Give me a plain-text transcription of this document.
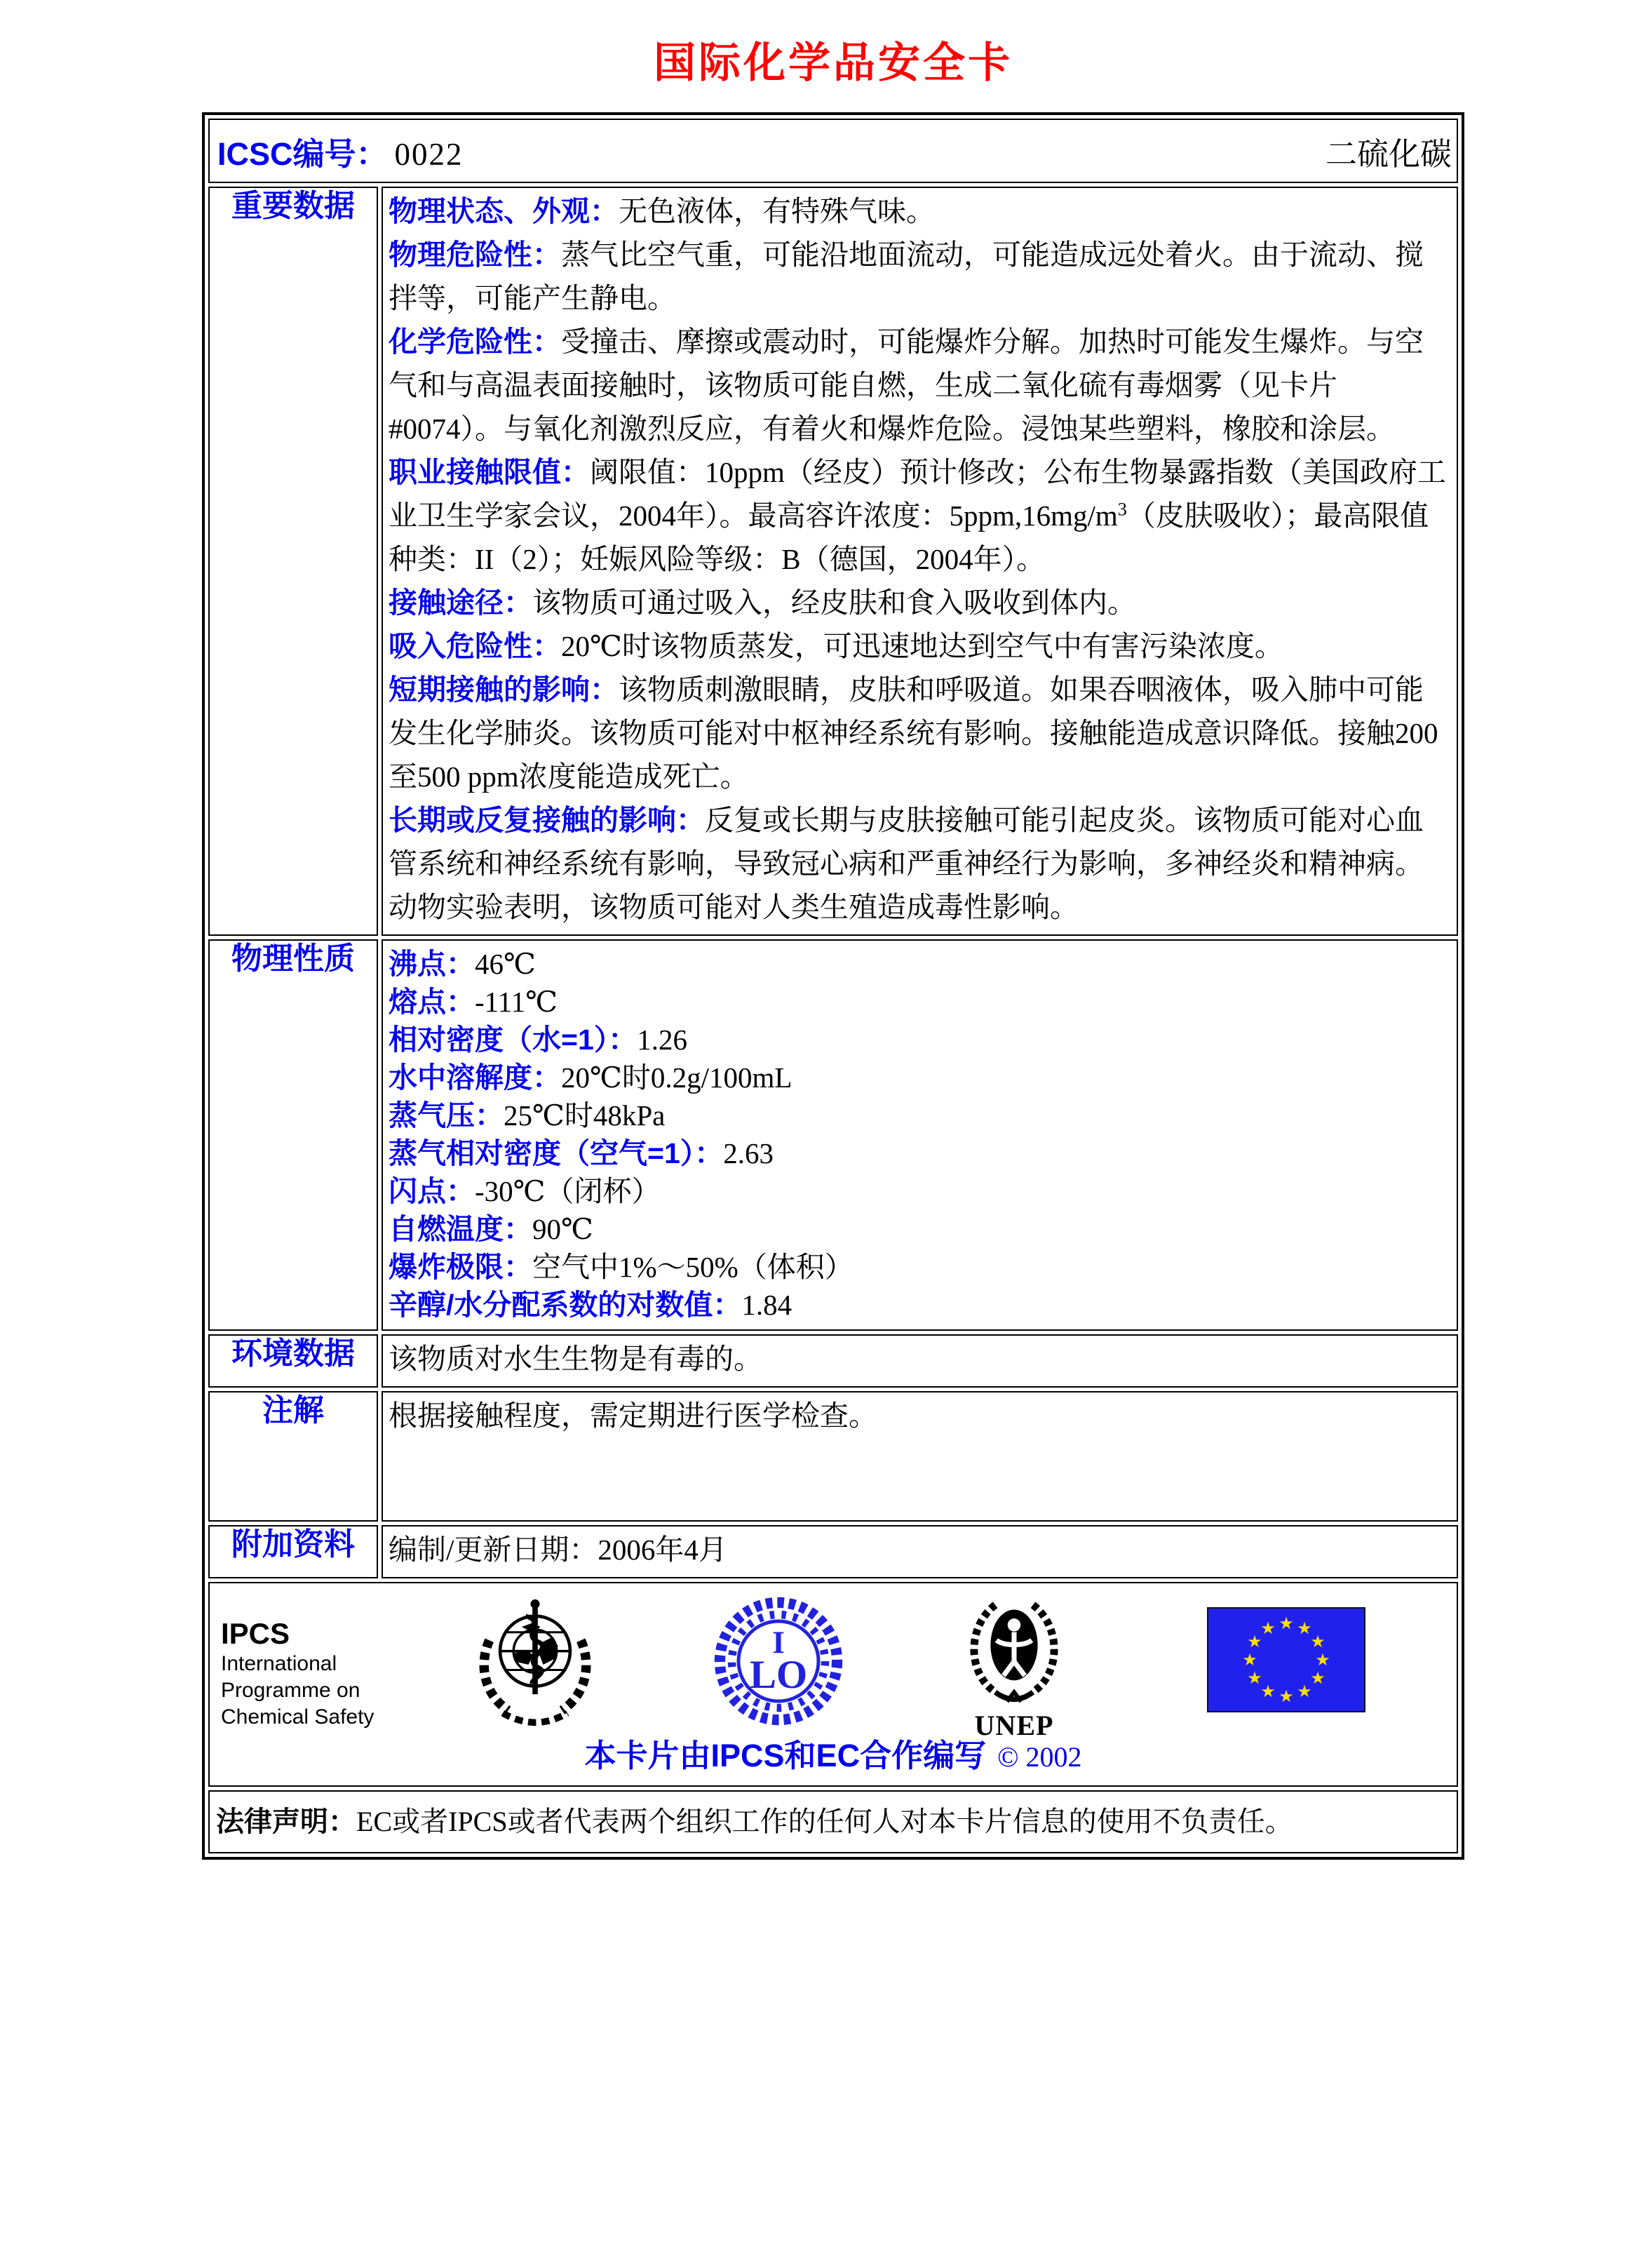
国际化学品安全卡
ICSC编号： 0022 二硫化碳	

重要数据	物理状态、外观：无色液体，有特殊气味。
物理危险性：蒸气比空气重，可能沿地面流动，可能造成远处着火。由于流动、搅拌等，可能产生静电。
化学危险性：受撞击、摩擦或震动时，可能爆炸分解。加热时可能发生爆炸。与空气和与高温表面接触时，该物质可能自燃，生成二氧化硫有毒烟雾（见卡片#0074）。与氧化剂激烈反应，有着火和爆炸危险。浸蚀某些塑料，橡胶和涂层。
职业接触限值：阈限值：10ppm（经皮）预计修改；公布生物暴露指数（美国政府工业卫生学家会议，2004年）。最高容许浓度：$5ppm,16mg/m^3$（皮肤吸收）；最高限值种类：II（2）；妊娠风险等级：B（德国，2004年）。
接触途径：该物质可通过吸入，经皮肤和食入吸收到体内。
吸入危险性：20℃时该物质蒸发，可迅速地达到空气中有害污染浓度。
短期接触的影响：该物质刺激眼睛，皮肤和呼吸道。如果吞咽液体，吸入肺中可能发生化学肺炎。该物质可能对中枢神经系统有影响。接触能造成意识降低。接触200至500 ppm浓度能造成死亡。
长期或反复接触的影响：反复或长期与皮肤接触可能引起皮炎。该物质可能对心血管系统和神经系统有影响，导致冠心病和严重神经行为影响，多神经炎和精神病。动物实验表明，该物质可能对人类生殖造成毒性影响。

物理性质	沸点：46℃
熔点：-111℃
相对密度（水=1）：1.26
水中溶解度：20℃时0.2g/100mL
蒸气压：25℃时48kPa
蒸气相对密度（空气=1）：2.63
闪点：-30℃（闭杯）
自燃温度：90℃
爆炸极限：空气中1%～50%（体积）
辛醇/水分配系数的对数值：1.84

环境数据	该物质对水生生物是有毒的。
注解	根据接触程度，需定期进行医学检查。
附加资料	编制/更新日期：2006年4月

IPCS
International
Programme on
Chemical Safety
I
LO
UNEP
★ ★
★
★
★
★
★
★
★
★
★
★
本卡片由IPCS和EC合作编写 © 2002

法律声明：EC或者IPCS或者代表两个组织工作的任何人对本卡片信息的使用不负责任。	
